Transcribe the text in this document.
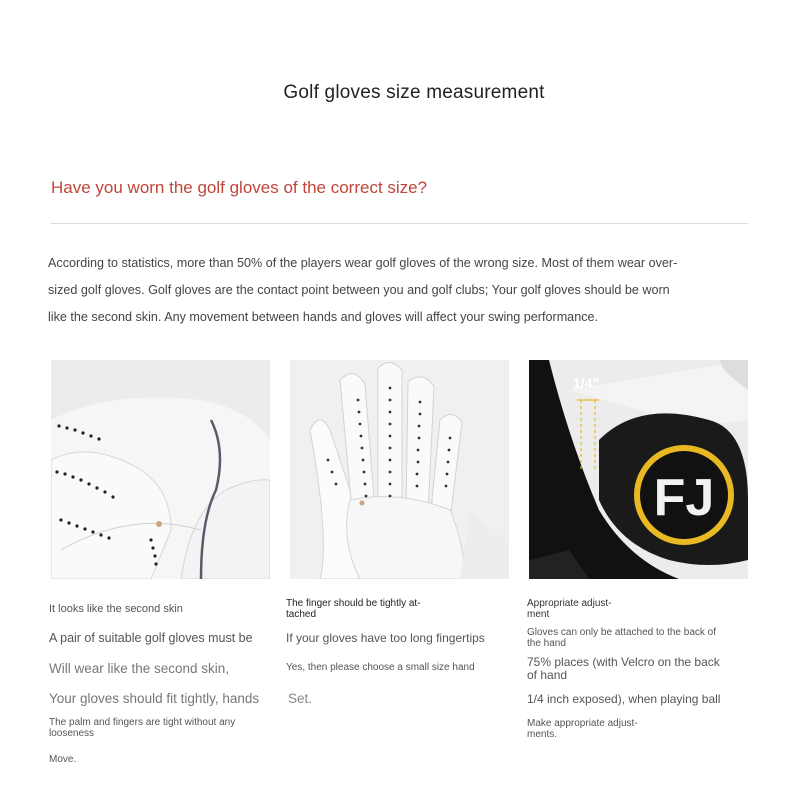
Golf gloves size measurement
Have you worn the golf gloves of the correct size?
According to statistics, more than 50% of the players wear golf gloves of the wrong size. Most of them wear over-
sized golf gloves. Golf gloves are the contact point between you and golf clubs; Your golf gloves should be worn
like the second skin. Any movement between hands and gloves will affect your swing performance.
1/4"
FJ
It looks like the second skin
A pair of suitable golf gloves must be
Will wear like the second skin,
Your gloves should fit tightly, hands
The palm and fingers are tight without any looseness
Move.
The finger should be tightly at-tached
If your gloves have too long fingertips
Yes, then please choose a small size hand
Set.
Appropriate adjust-ment
Gloves can only be attached to the back of the hand
75% places (with Velcro on the back of hand
1/4 inch exposed), when playing ball
Make appropriate adjust-ments.
